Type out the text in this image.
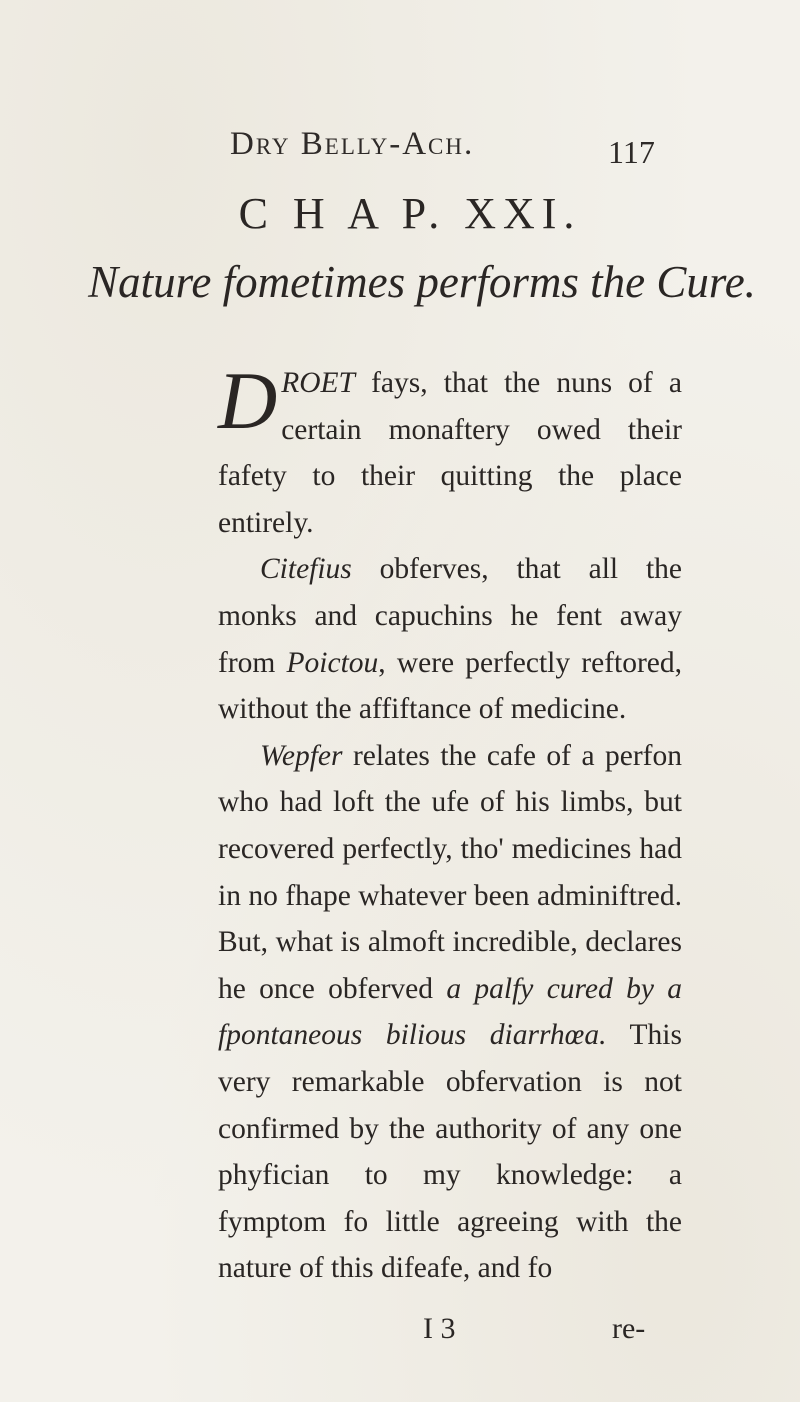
Dry Belly-Ach.	117
C H A P. XXI.
Nature fometimes performs the Cure.

DROET fays, that the nuns of a certain monaftery owed their fafety to their quitting the place entirely.

Citefius obferves, that all the monks and capuchins he fent away from Poictou, were perfectly reftored, without the affiftance of medicine.

Wepfer relates the cafe of a perfon who had loft the ufe of his limbs, but recovered perfectly, tho' medicines had in no fhape whatever been adminiftred. But, what is almoft incredible, declares he once obferved a palfy cured by a fpontaneous bilious diarrhœa. This very remarkable obfervation is not confirmed by the authority of any one phyfician to my knowledge: a fymptom fo little agreeing with the nature of this difeafe, and fo

I 3	re-
